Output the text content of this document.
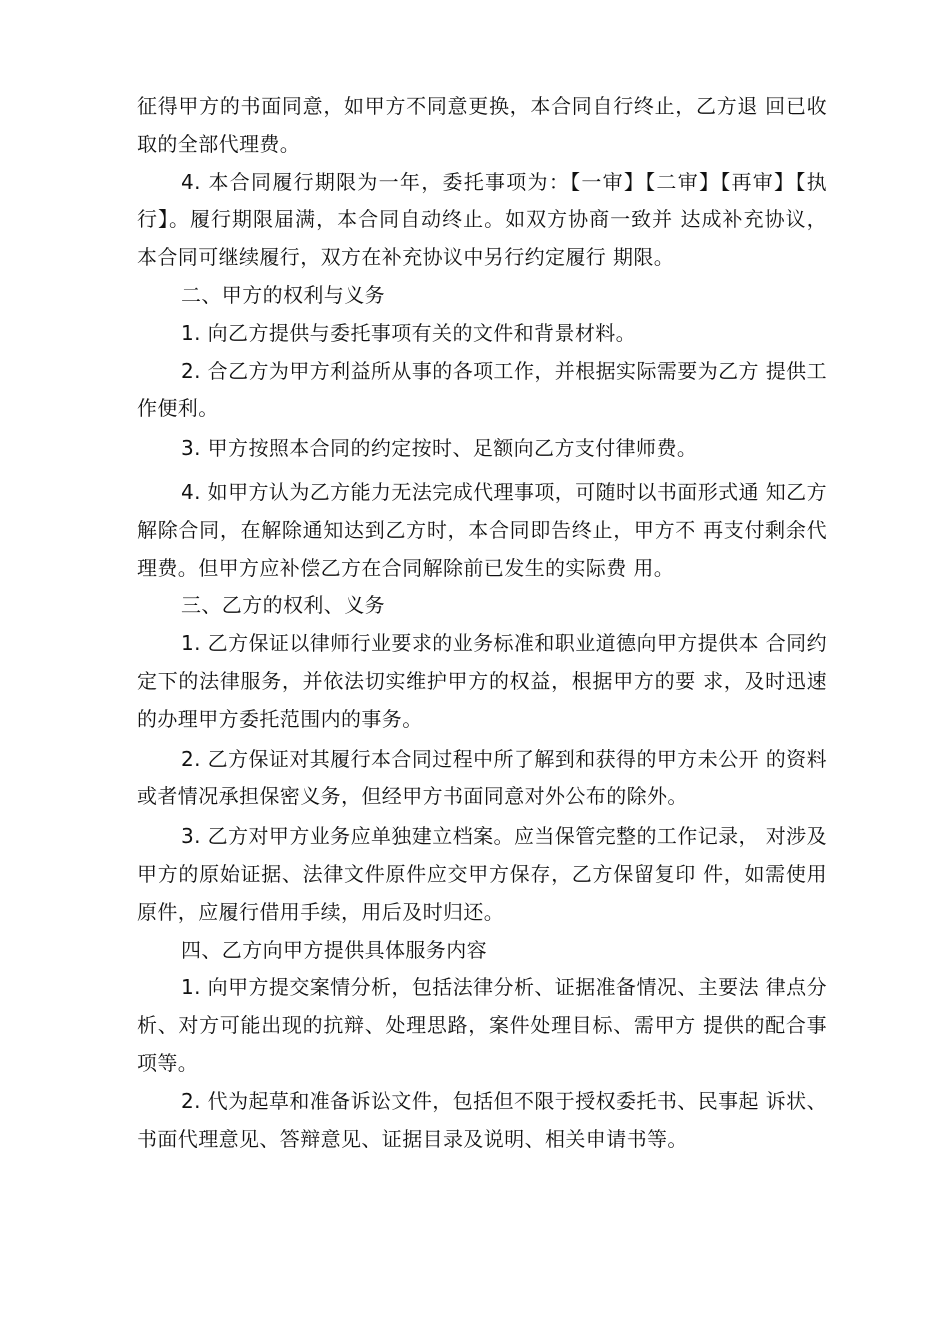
征得甲方的书面同意，如甲方不同意更换，本合同自行终止，乙方退 回已收取的全部代理费。

4. 本合同履行期限为一年，委托事项为：【一审】【二审】【再审】【执行】。履行期限届满，本合同自动终止。如双方协商一致并 达成补充协议，本合同可继续履行，双方在补充协议中另行约定履行 期限。

二、甲方的权利与义务

1. 向乙方提供与委托事项有关的文件和背景材料。

2. 合乙方为甲方利益所从事的各项工作，并根据实际需要为乙方 提供工作便利。

3. 甲方按照本合同的约定按时、足额向乙方支付律师费。

4. 如甲方认为乙方能力无法完成代理事项，可随时以书面形式通 知乙方解除合同，在解除通知达到乙方时，本合同即告终止，甲方不 再支付剩余代理费。但甲方应补偿乙方在合同解除前已发生的实际费 用。

三、乙方的权利、义务

1. 乙方保证以律师行业要求的业务标准和职业道德向甲方提供本 合同约定下的法律服务，并依法切实维护甲方的权益，根据甲方的要 求，及时迅速的办理甲方委托范围内的事务。

2. 乙方保证对其履行本合同过程中所了解到和获得的甲方未公开 的资料或者情况承担保密义务，但经甲方书面同意对外公布的除外。

3. 乙方对甲方业务应单独建立档案。应当保管完整的工作记录， 对涉及甲方的原始证据、法律文件原件应交甲方保存，乙方保留复印 件，如需使用原件，应履行借用手续，用后及时归还。

四、乙方向甲方提供具体服务内容

1. 向甲方提交案情分析，包括法律分析、证据准备情况、主要法 律点分析、对方可能出现的抗辩、处理思路，案件处理目标、需甲方 提供的配合事项等。

2. 代为起草和准备诉讼文件，包括但不限于授权委托书、民事起 诉状、书面代理意见、答辩意见、证据目录及说明、相关申请书等。
